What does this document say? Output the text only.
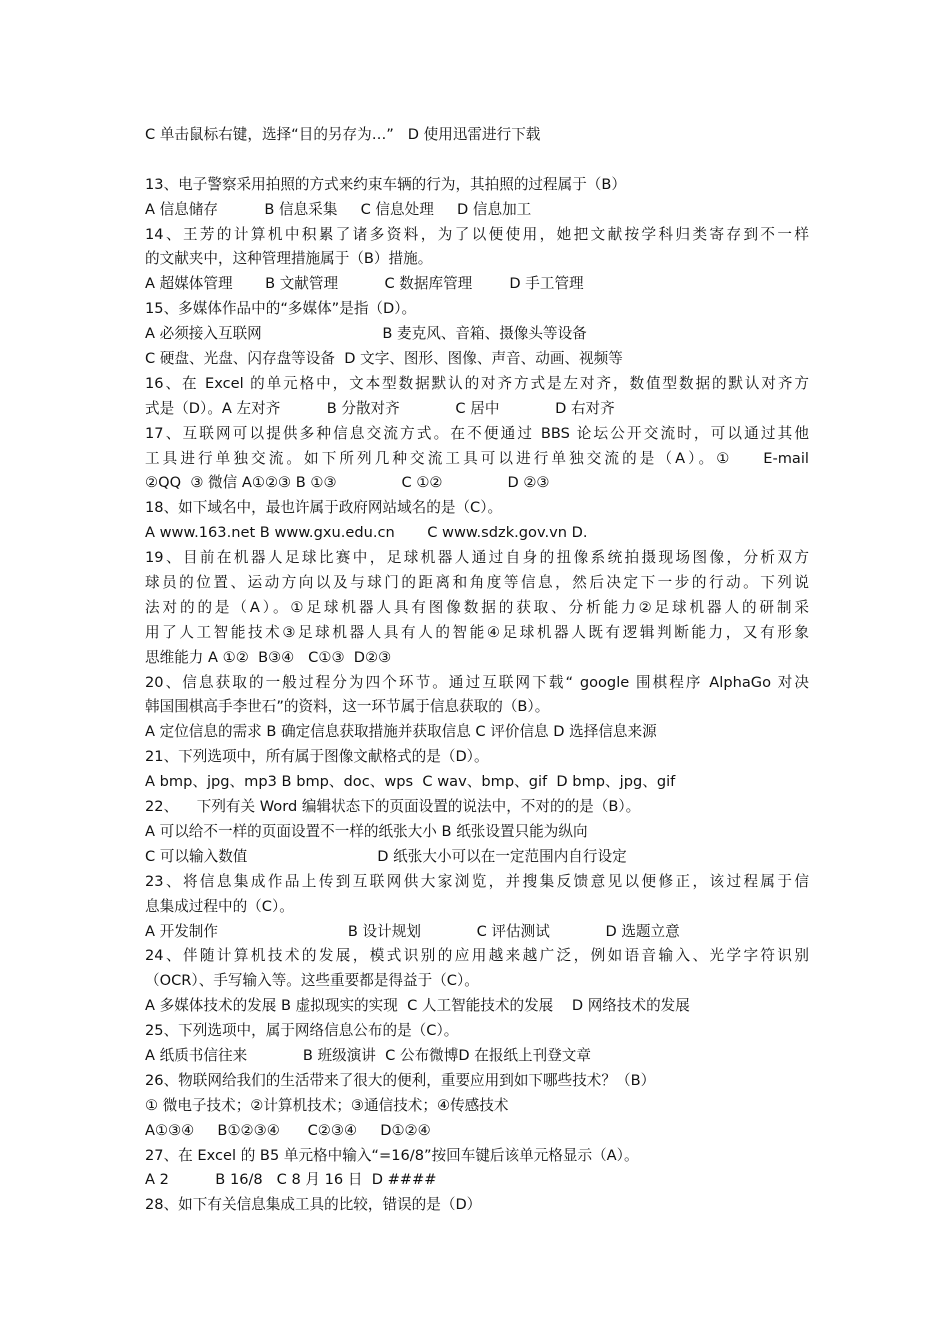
C 单击鼠标右键，选择“目的另存为…”   D 使用迅雷进行下载
13、电子警察采用拍照的方式来约束车辆的行为，其拍照的过程属于（B）
A 信息储存          B 信息采集     C 信息处理     D 信息加工
14、王芳的计算机中积累了诸多资料，为了以便使用，她把文献按学科归类寄存到不一样
的文献夹中，这种管理措施属于（B）措施。
A 超媒体管理       B 文献管理          C 数据库管理        D 手工管理
15、多媒体作品中的“多媒体”是指（D）。
A 必须接入互联网                          B 麦克风、音箱、摄像头等设备
C 硬盘、光盘、闪存盘等设备  D 文字、图形、图像、声音、动画、视频等
16、在 Excel 的单元格中，文本型数据默认的对齐方式是左对齐，数值型数据的默认对齐方
式是（D）。A 左对齐          B 分散对齐            C 居中            D 右对齐
17、互联网可以提供多种信息交流方式。在不便通过 BBS 论坛公开交流时，可以通过其他
工具进行单独交流。如下所列几种交流工具可以进行单独交流的是（A）。①    E-mail
②QQ  ③ 微信 A①②③ B ①③              C ①②              D ②③
18、如下域名中，最也许属于政府网站域名的是（C）。
A www.163.net B www.gxu.edu.cn       C www.sdzk.gov.vn D.
19、目前在机器人足球比赛中，足球机器人通过自身的扭像系统拍摄现场图像，分析双方
球员的位置、运动方向以及与球门的距离和角度等信息，然后决定下一步的行动。下列说
法对的的是（A）。①足球机器人具有图像数据的获取、分析能力②足球机器人的研制采
用了人工智能技术③足球机器人具有人的智能④足球机器人既有逻辑判断能力，又有形象
思维能力 A ①②  B③④   C①③  D②③
20、信息获取的一般过程分为四个环节。通过互联网下载“ google 围棋程序 AlphaGo 对决
韩国围棋高手李世石”的资料，这一环节属于信息获取的（B）。
A 定位信息的需求 B 确定信息获取措施并获取信息 C 评价信息 D 选择信息来源
21、下列选项中，所有属于图像文献格式的是（D）。
A bmp、jpg、mp3 B bmp、doc、wps  C wav、bmp、gif  D bmp、jpg、gif
22、    下列有关 Word 编辑状态下的页面设置的说法中，不对的的是（B）。
A 可以给不一样的页面设置不一样的纸张大小 B 纸张设置只能为纵向
C 可以输入数值                            D 纸张大小可以在一定范围内自行设定
23、将信息集成作品上传到互联网供大家浏览，并搜集反馈意见以便修正，该过程属于信
息集成过程中的（C）。
A 开发制作                            B 设计规划            C 评估测试            D 选题立意
24、伴随计算机技术的发展，模式识别的应用越来越广泛，例如语音输入、光学字符识别
（OCR）、手写输入等。这些重要都是得益于（C）。
A 多媒体技术的发展 B 虚拟现实的实现  C 人工智能技术的发展    D 网络技术的发展
25、下列选项中，属于网络信息公布的是（C）。
A 纸质书信往来            B 班级演讲  C 公布微博D 在报纸上刊登文章
26、物联网给我们的生活带来了很大的便利，重要应用到如下哪些技术？（B）
① 微电子技术；②计算机技术；③通信技术；④传感技术
A①③④     B①②③④      C②③④     D①②④
27、在 Excel 的 B5 单元格中输入“=16/8”按回车键后该单元格显示（A）。
A 2          B 16/8   C 8 月 16 日  D ####
28、如下有关信息集成工具的比较，错误的是（D）
